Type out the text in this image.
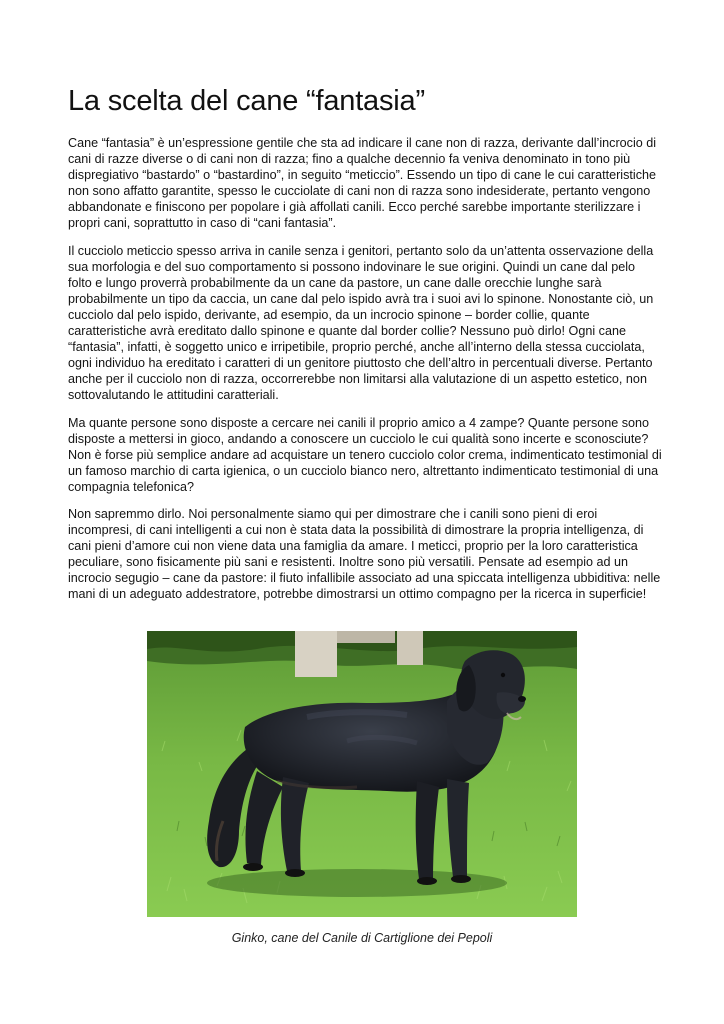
La scelta del cane “fantasia”

Cane “fantasia” è un’espressione gentile che sta ad indicare il cane non di razza, derivante dall’incrocio di cani di razze diverse o di cani non di razza; fino a qualche decennio fa veniva denominato in tono più dispregiativo “bastardo” o “bastardino”, in seguito “meticcio”. Essendo un tipo di cane le cui caratteristiche non sono affatto garantite, spesso le cucciolate di cani non di razza sono indesiderate, pertanto vengono abbandonate e finiscono per popolare i già affollati canili. Ecco perché sarebbe importante sterilizzare i propri cani, soprattutto in caso di “cani fantasia”.

Il cucciolo meticcio spesso arriva in canile senza i genitori, pertanto solo da un’attenta osservazione della sua morfologia e del suo comportamento si possono indovinare le sue origini. Quindi un cane dal pelo folto e lungo proverrà probabilmente da un cane da pastore, un cane dalle orecchie lunghe sarà probabilmente un tipo da caccia, un cane dal pelo ispido avrà tra i suoi avi lo spinone. Nonostante ciò, un cucciolo dal pelo ispido, derivante, ad esempio, da un incrocio spinone – border collie, quante caratteristiche avrà ereditato dallo spinone e quante dal border collie? Nessuno può dirlo! Ogni cane “fantasia”, infatti, è soggetto unico e irripetibile, proprio perché, anche all’interno della stessa cucciolata, ogni individuo ha ereditato i caratteri di un genitore piuttosto che dell’altro in percentuali diverse. Pertanto anche per il cucciolo non di razza, occorrerebbe non limitarsi alla valutazione di un aspetto estetico, non sottovalutando le attitudini caratteriali.

Ma quante persone sono disposte a cercare nei canili il proprio amico a 4 zampe? Quante persone sono disposte a mettersi in gioco, andando a conoscere un cucciolo le cui qualità sono incerte e sconosciute? Non è forse più semplice andare ad acquistare un tenero cucciolo color crema, indimenticato testimonial di un famoso marchio di carta igienica, o un cucciolo bianco nero, altrettanto indimenticato testimonial di una compagnia telefonica?

Non sapremmo dirlo. Noi personalmente siamo qui per dimostrare che i canili sono pieni di eroi incompresi, di cani intelligenti a cui non è stata data la possibilità di dimostrare la propria intelligenza, di cani pieni d’amore cui non viene data una famiglia da amare. I meticci, proprio per la loro caratteristica peculiare, sono fisicamente più sani e resistenti. Inoltre sono più versatili. Pensate ad esempio ad un incrocio segugio – cane da pastore: il fiuto infallibile associato ad una spiccata intelligenza ubbiditiva: nelle mani di un adeguato addestratore, potrebbe dimostrarsi un ottimo compagno per la ricerca in superficie!

Ginko, cane del Canile di Cartiglione dei Pepoli
